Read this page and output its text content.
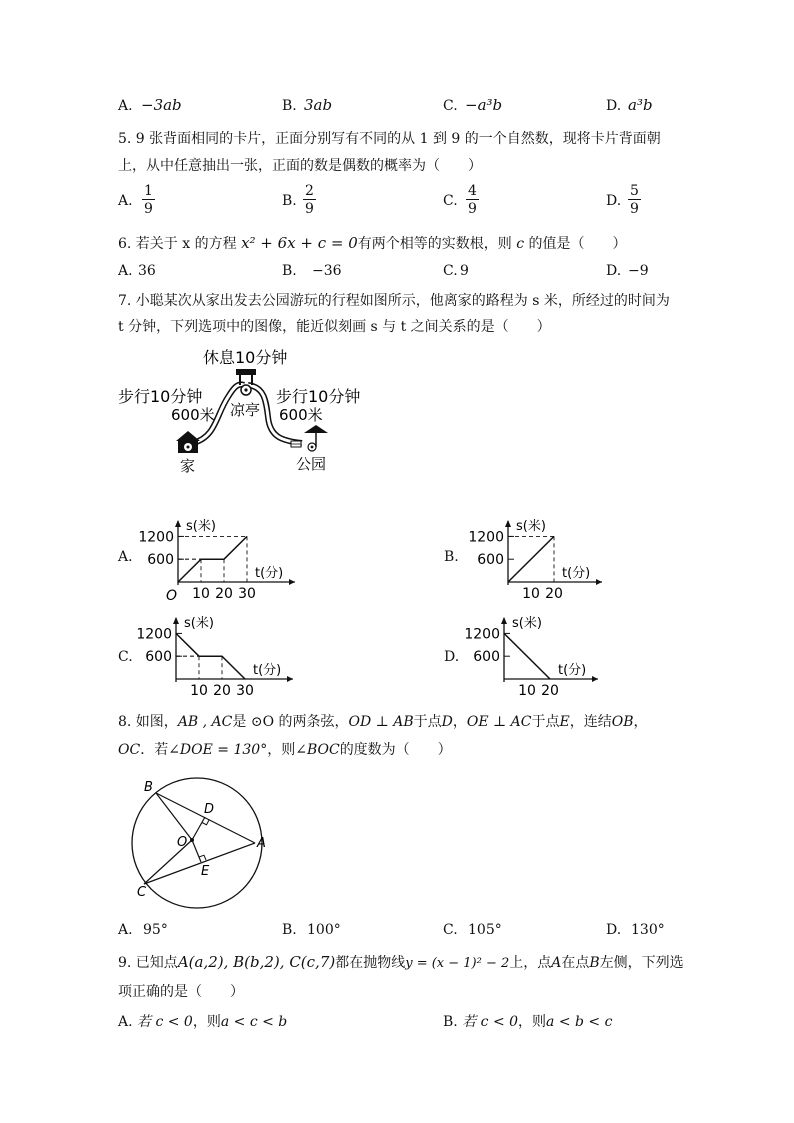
A. −3ab	B. 3ab	C. −a³b	D. a³b
5. 9 张背面相同的卡片，正面分别写有不同的从 1 到 9 的一个自然数，现将卡片背面朝
上，从中任意抽出一张，正面的数是偶数的概率为（　　）
A. $\frac{1}{9}$	B. $\frac{2}{9}$	C. $\frac{4}{9}$	D. $\frac{5}{9}$
6. 若关于 x 的方程 x² + 6x + c = 0有两个相等的实数根，则 c 的值是（　　）
A. 36	B. −36	C. 9	D. −9
7. 小聪某次从家出发去公园游玩的行程如图所示，他离家的路程为 s 米，所经过的时间为
t 分钟，下列选项中的图像，能近似刻画 s 与 t 之间关系的是（　　）
休息10分钟
步行10分钟
600米 凉亭
步行10分钟
600米
家	公园
A.
s(米)
t(分)
1200
600
10 20 30
O
B.
s(米)
t(分)
1200
600
10 20
C.
s(米)
t(分)
1200
600
10 20 30
D.
s(米)
t(分)
1200
600
10 20
8. 如图，AB , AC是 ⊙O 的两条弦，OD ⊥ AB于点D，OE ⊥ AC于点E，连结OB，
OC．若∠DOE = 130°，则∠BOC的度数为（　　）
B
D
O	A
E
C
A. 95°	B. 100°	C. 105°	D. 130°
9. 已知点A(a,2), B(b,2), C(c,7)都在抛物线y = (x − 1)² − 2上，点A在点B左侧，下列选
项正确的是（　　）
A. 若 c < 0，则a < c < b	B. 若 c < 0，则a < b < c
